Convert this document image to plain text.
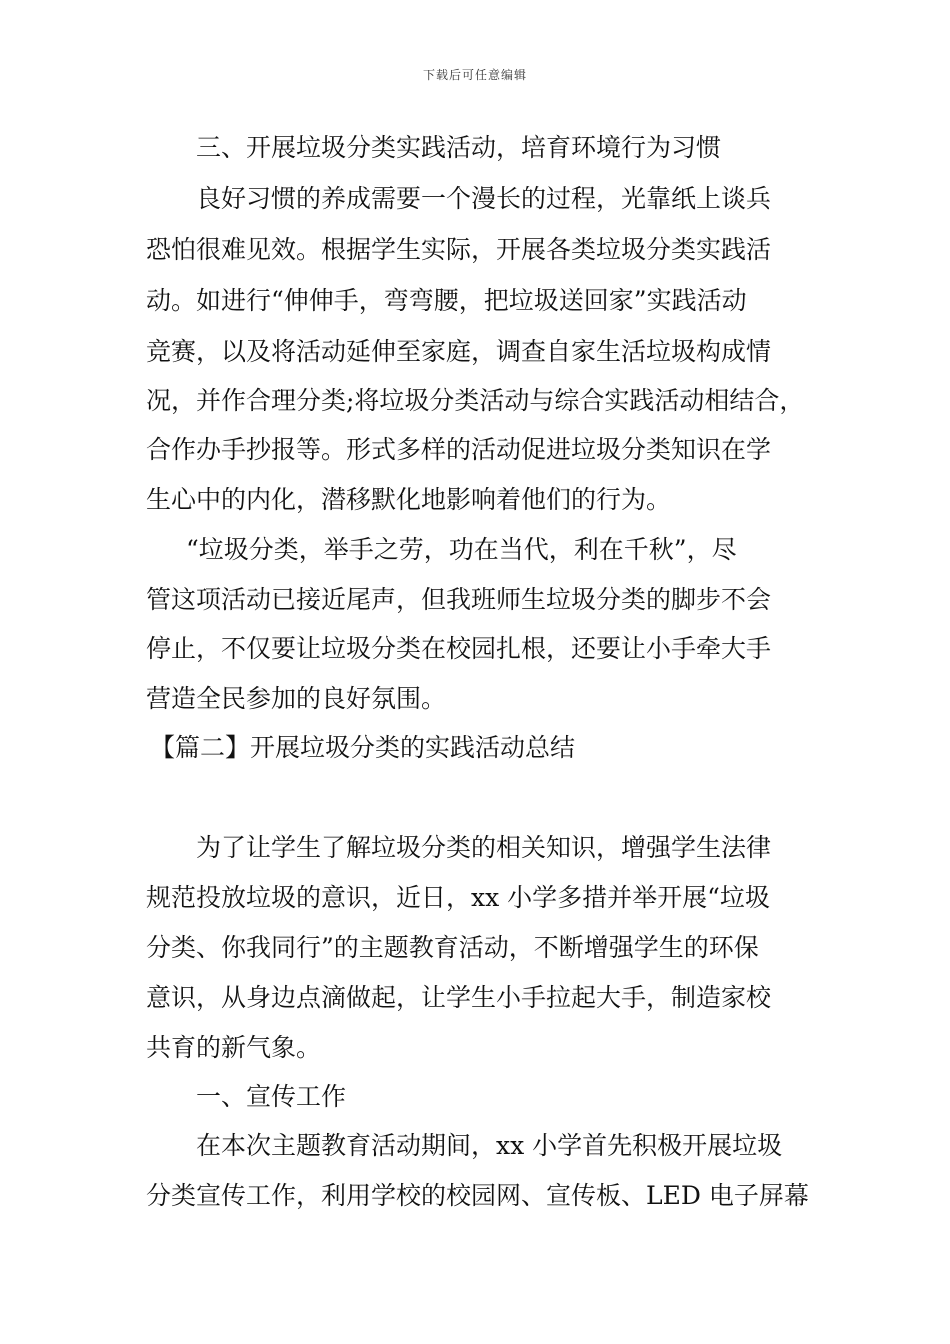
下载后可任意编辑
三、开展垃圾分类实践活动，培育环境行为习惯
良好习惯的养成需要一个漫长的过程，光靠纸上谈兵
恐怕很难见效。根据学生实际，开展各类垃圾分类实践活
动。如进行“伸伸手，弯弯腰，把垃圾送回家”实践活动
竞赛，以及将活动延伸至家庭，调查自家生活垃圾构成情
况，并作合理分类;将垃圾分类活动与综合实践活动相结合，
合作办手抄报等。形式多样的活动促进垃圾分类知识在学
生心中的内化，潜移默化地影响着他们的行为。
“垃圾分类，举手之劳，功在当代，利在千秋”，尽
管这项活动已接近尾声，但我班师生垃圾分类的脚步不会
停止，不仅要让垃圾分类在校园扎根，还要让小手牵大手
营造全民参加的良好氛围。
【篇二】开展垃圾分类的实践活动总结
为了让学生了解垃圾分类的相关知识，增强学生法律
规范投放垃圾的意识，近日，xx 小学多措并举开展“垃圾
分类、你我同行”的主题教育活动，不断增强学生的环保
意识，从身边点滴做起，让学生小手拉起大手，制造家校
共育的新气象。
一、宣传工作
在本次主题教育活动期间，xx 小学首先积极开展垃圾
分类宣传工作，利用学校的校园网、宣传板、LED 电子屏幕
